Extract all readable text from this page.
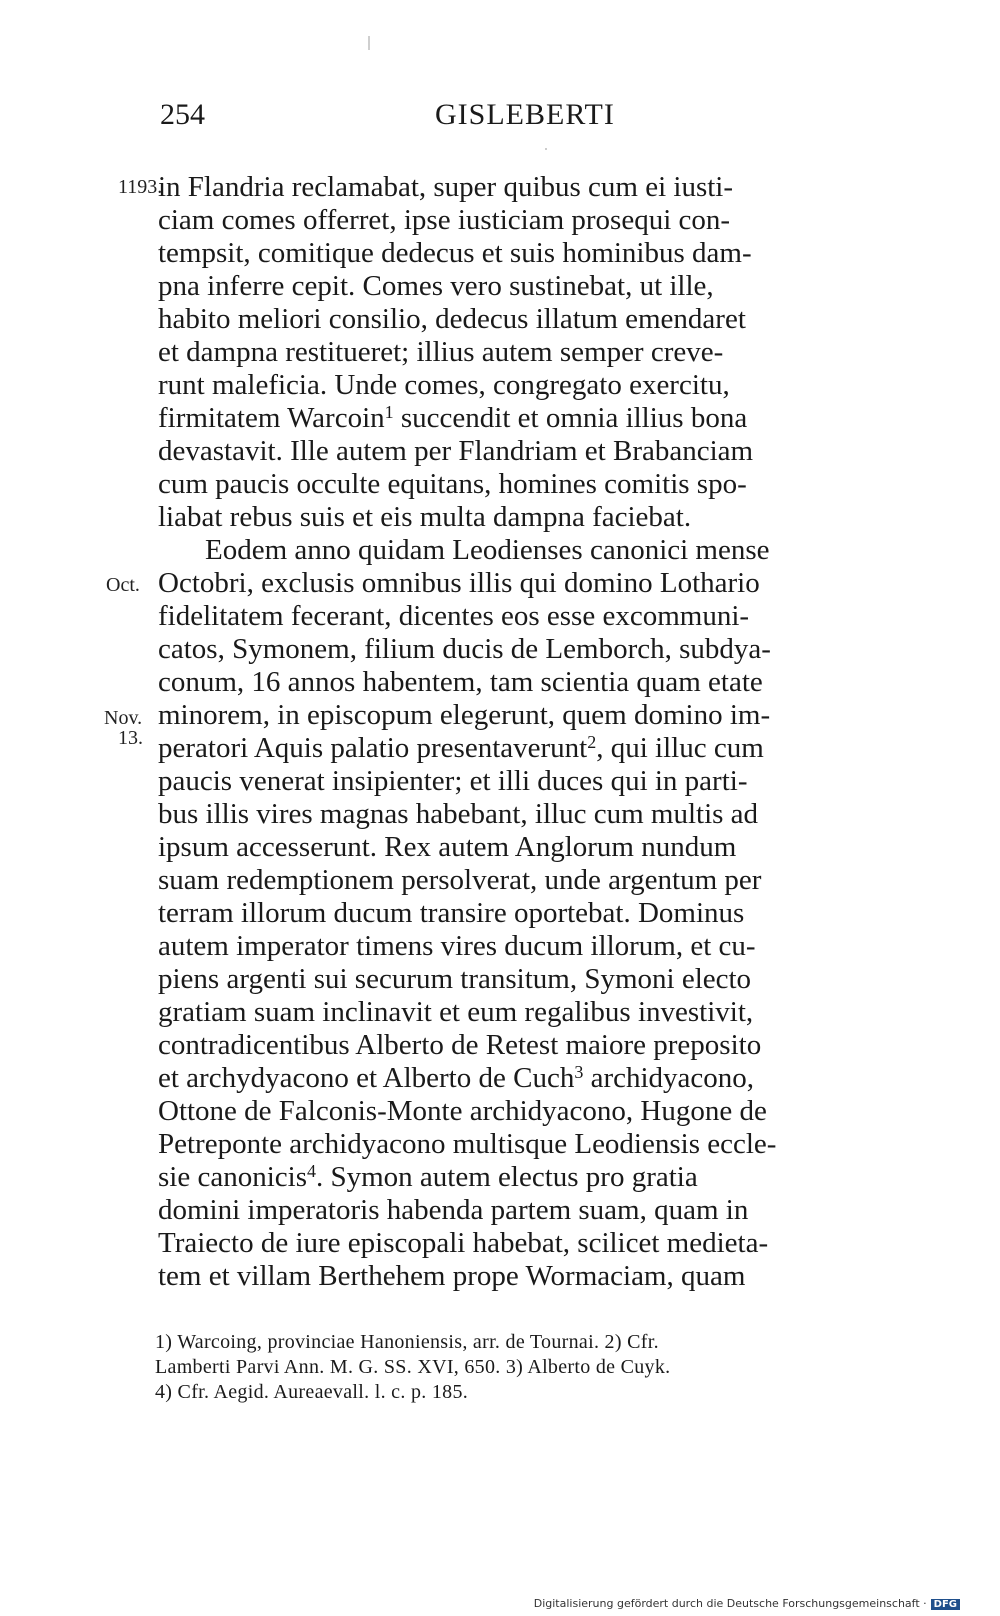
254	GISLEBERTI
1193.
Oct.
Nov.
13.
in Flandria reclamabat, super quibus cum ei iusti-
ciam comes offerret, ipse iusticiam prosequi con-
tempsit, comitique dedecus et suis hominibus dam-
pna inferre cepit. Comes vero sustinebat, ut ille,
habito meliori consilio, dedecus illatum emendaret
et dampna restitueret; illius autem semper creve-
runt maleficia. Unde comes, congregato exercitu,
firmitatem Warcoin$^1$ succendit et omnia illius bona
devastavit. Ille autem per Flandriam et Brabanciam
cum paucis occulte equitans, homines comitis spo-
liabat rebus suis et eis multa dampna faciebat.
Eodem anno quidam Leodienses canonici mense
Octobri, exclusis omnibus illis qui domino Lothario
fidelitatem fecerant, dicentes eos esse excommuni-
catos, Symonem, filium ducis de Lemborch, subdya-
conum, 16 annos habentem, tam scientia quam etate
minorem, in episcopum elegerunt, quem domino im-
peratori Aquis palatio presentaverunt$^2$, qui illuc cum
paucis venerat insipienter; et illi duces qui in parti-
bus illis vires magnas habebant, illuc cum multis ad
ipsum accesserunt. Rex autem Anglorum nundum
suam redemptionem persolverat, unde argentum per
terram illorum ducum transire oportebat. Dominus
autem imperator timens vires ducum illorum, et cu-
piens argenti sui securum transitum, Symoni electo
gratiam suam inclinavit et eum regalibus investivit,
contradicentibus Alberto de Retest maiore preposito
et archydyacono et Alberto de Cuch$^3$ archidyacono,
Ottone de Falconis-Monte archidyacono, Hugone de
Petreponte archidyacono multisque Leodiensis eccle-
sie canonicis$^4$. Symon autem electus pro gratia
domini imperatoris habenda partem suam, quam in
Traiecto de iure episcopali habebat, scilicet medieta-
tem et villam Berthehem prope Wormaciam, quam
1) Warcoing, provinciae Hanoniensis, arr. de Tournai. 2) Cfr.
Lamberti Parvi Ann. M. G. SS. XVI, 650. 3) Alberto de Cuyk.
4) Cfr. Aegid. Aureaevall. l. c. p. 185.
Digitalisierung gefördert durch die Deutsche Forschungsgemeinschaft · DFG
